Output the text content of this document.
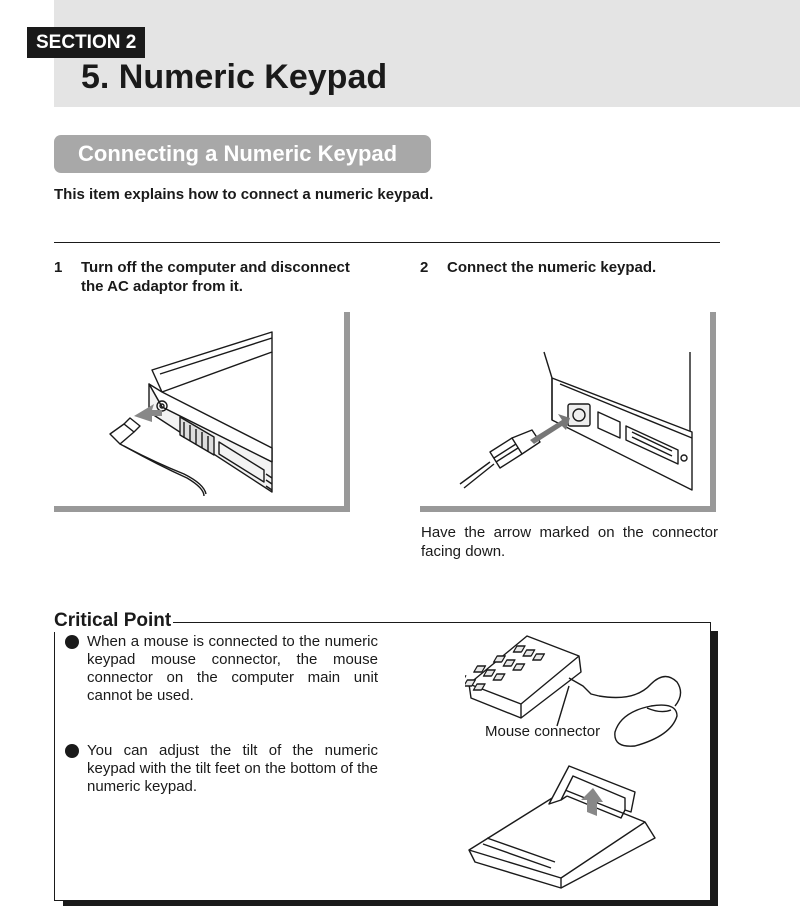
SECTION 2
5. Numeric Keypad
Connecting a Numeric Keypad
This item explains how to connect a numeric keypad.
1 Turn off the computer and disconnect
the AC adaptor from it.
2 Connect the numeric keypad.
Have the arrow marked on the connector facing down.
Critical Point
When a mouse is connected to the numeric keypad mouse connector, the mouse connector on the computer main unit cannot be used.
You can adjust the tilt of the numeric keypad with the tilt feet on the bottom of the numeric keypad.
Mouse connector
